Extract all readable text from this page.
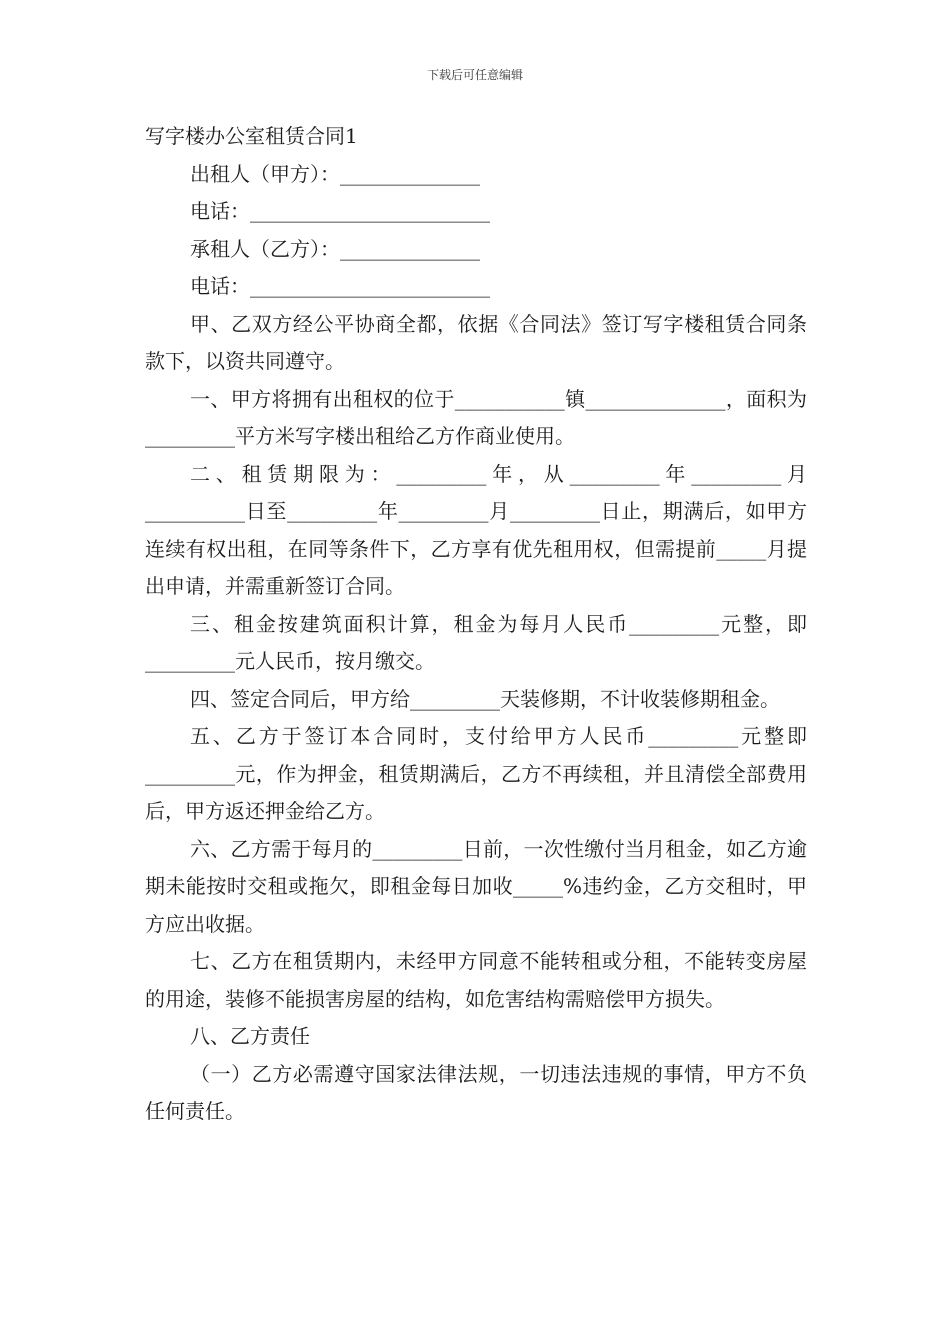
下载后可任意编辑

写字楼办公室租赁合同1

出租人（甲方）：______________

电话：________________________

承租人（乙方）：______________

电话：________________________

甲、乙双方经公平协商全都，依据《合同法》签订写字楼租赁合同条款下，以资共同遵守。

一、甲方将拥有出租权的位于___________镇______________，面积为_________平方米写字楼出租给乙方作商业使用。

二、租赁期限为：_________年，从_________年_________月__________日至_________年_________月_________日止，期满后，如甲方连续有权出租，在同等条件下，乙方享有优先租用权，但需提前_____月提出申请，并需重新签订合同。

三、租金按建筑面积计算，租金为每月人民币_________元整，即_________元人民币，按月缴交。

四、签定合同后，甲方给_________天装修期，不计收装修期租金。

五、乙方于签订本合同时，支付给甲方人民币_________元整即_________元，作为押金，租赁期满后，乙方不再续租，并且清偿全部费用后，甲方返还押金给乙方。

六、乙方需于每月的_________日前，一次性缴付当月租金，如乙方逾期未能按时交租或拖欠，即租金每日加收_____%违约金，乙方交租时，甲方应出收据。

七、乙方在租赁期内，未经甲方同意不能转租或分租，不能转变房屋的用途，装修不能损害房屋的结构，如危害结构需赔偿甲方损失。

八、乙方责任

（一）乙方必需遵守国家法律法规，一切违法违规的事情，甲方不负任何责任。
